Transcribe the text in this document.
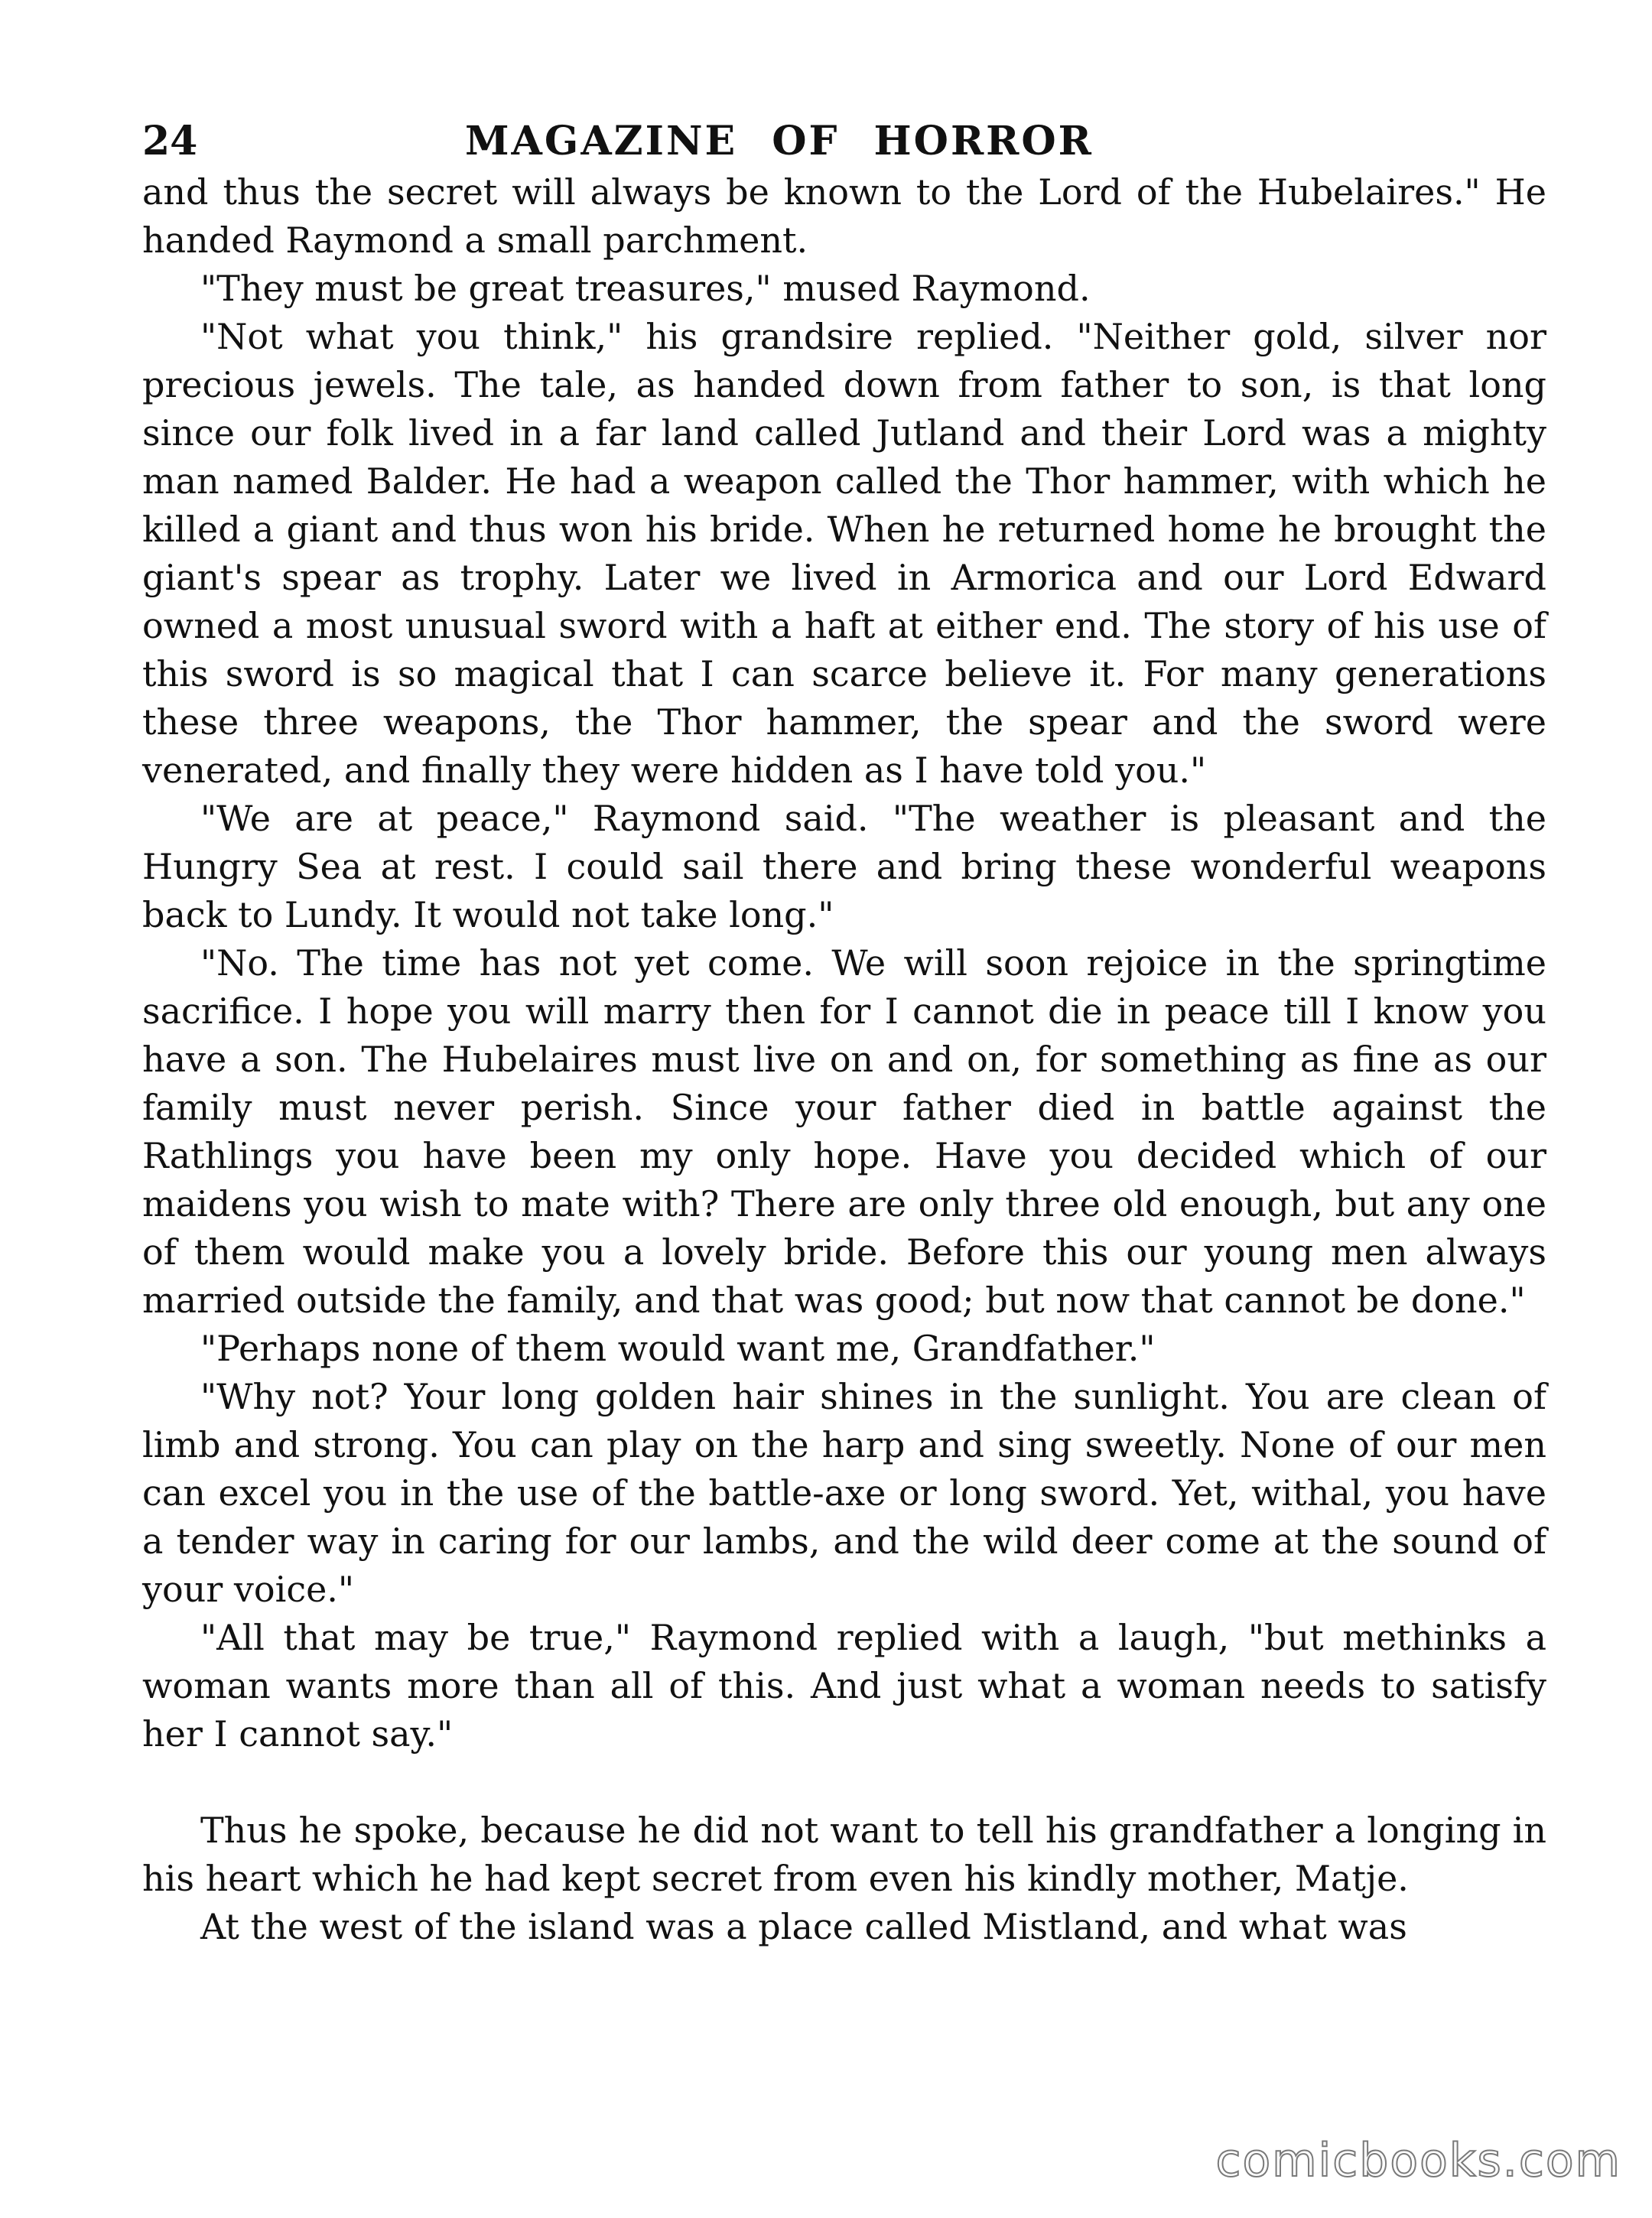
24	MAGAZINE OF HORROR

and thus the secret will always be known to the Lord of the Hubelaires." He handed Raymond a small parchment.

"They must be great treasures," mused Raymond.

"Not what you think," his grandsire replied. "Neither gold, silver nor precious jewels. The tale, as handed down from father to son, is that long since our folk lived in a far land called Jutland and their Lord was a mighty man named Balder. He had a weapon called the Thor hammer, with which he killed a giant and thus won his bride. When he returned home he brought the giant's spear as trophy. Later we lived in Armorica and our Lord Edward owned a most unusual sword with a haft at either end. The story of his use of this sword is so magical that I can scarce believe it. For many generations these three weapons, the Thor hammer, the spear and the sword were venerated, and finally they were hidden as I have told you."

"We are at peace," Raymond said. "The weather is pleasant and the Hungry Sea at rest. I could sail there and bring these wonderful weapons back to Lundy. It would not take long."

"No. The time has not yet come. We will soon rejoice in the springtime sacrifice. I hope you will marry then for I cannot die in peace till I know you have a son. The Hubelaires must live on and on, for something as fine as our family must never perish. Since your father died in battle against the Rathlings you have been my only hope. Have you decided which of our maidens you wish to mate with? There are only three old enough, but any one of them would make you a lovely bride. Before this our young men always married outside the family, and that was good; but now that cannot be done."

"Perhaps none of them would want me, Grandfather."

"Why not? Your long golden hair shines in the sunlight. You are clean of limb and strong. You can play on the harp and sing sweetly. None of our men can excel you in the use of the battle-axe or long sword. Yet, withal, you have a tender way in caring for our lambs, and the wild deer come at the sound of your voice."

"All that may be true," Raymond replied with a laugh, "but methinks a woman wants more than all of this. And just what a woman needs to satisfy her I cannot say."

Thus he spoke, because he did not want to tell his grandfather a longing in his heart which he had kept secret from even his kindly mother, Matje.

At the west of the island was a place called Mistland, and what was

comicbooks.com
